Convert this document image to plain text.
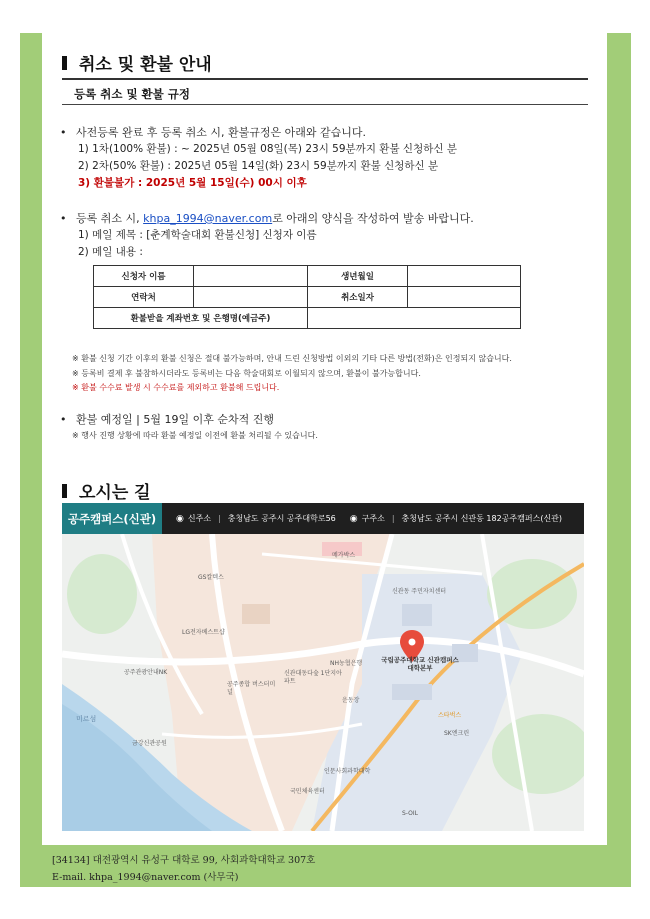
취소 및 환불 안내
등록 취소 및 환불 규정
• 사전등록 완료 후 등록 취소 시, 환불규정은 아래와 같습니다.
1) 1차(100% 환불) : ~ 2025년 05월 08일(목) 23시 59분까지 환불 신청하신 분
2) 2차(50% 환불) : 2025년 05월 14일(화) 23시 59분까지 환불 신청하신 분
3) 환불불가 : 2025년 5월 15일(수) 00시 이후
• 등록 취소 시, khpa_1994@naver.com로 아래의 양식을 작성하여 발송 바랍니다.
1) 메일 제목 : [춘계학술대회 환불신청] 신청자 이름
2) 메일 내용 :
신청자 이름		생년월일	
연락처		취소일자	
환불받을 계좌번호 및 은행명(예금주)			
※ 환불 신청 기간 이후의 환불 신청은 절대 불가능하며, 안내 드린 신청방법 이외의 기타 다른 방법(전화)은 인정되지 않습니다.
※ 등록비 결제 후 불참하시더라도 등록비는 다음 학술대회로 이월되지 않으며, 환불이 불가능합니다.
※ 환불 수수료 발생 시 수수료를 제외하고 환불해 드립니다.
• 환불 예정일 | 5월 19일 이후 순차적 진행
※ 행사 진행 상황에 따라 환불 예정일 이전에 환불 처리될 수 있습니다.
오시는 길
공주캠퍼스(신관)	◉ 신주소 | 충청남도 공주시 공주대학로56 ◉ 구주소 | 충청남도 공주시 신관동 182공주캠퍼스(신관)
국립공주대학교 신관캠퍼스대학본부
LG전자베스트샵
메가박스
금강신관공원
신관동 주민자치센터
공주종합 버스터미널
신관대동다숲 1단지아파트
SK엔크린
S-OIL
스타벅스
GS칼텍스
공주관광안내NK
NH농협은행
운동장
인문사회과학대학
국민체육센터
미르섬
[34134] 대전광역시 유성구 대학로 99, 사회과학대학교 307호
E-mail. khpa_1994@naver.com (사무국)
